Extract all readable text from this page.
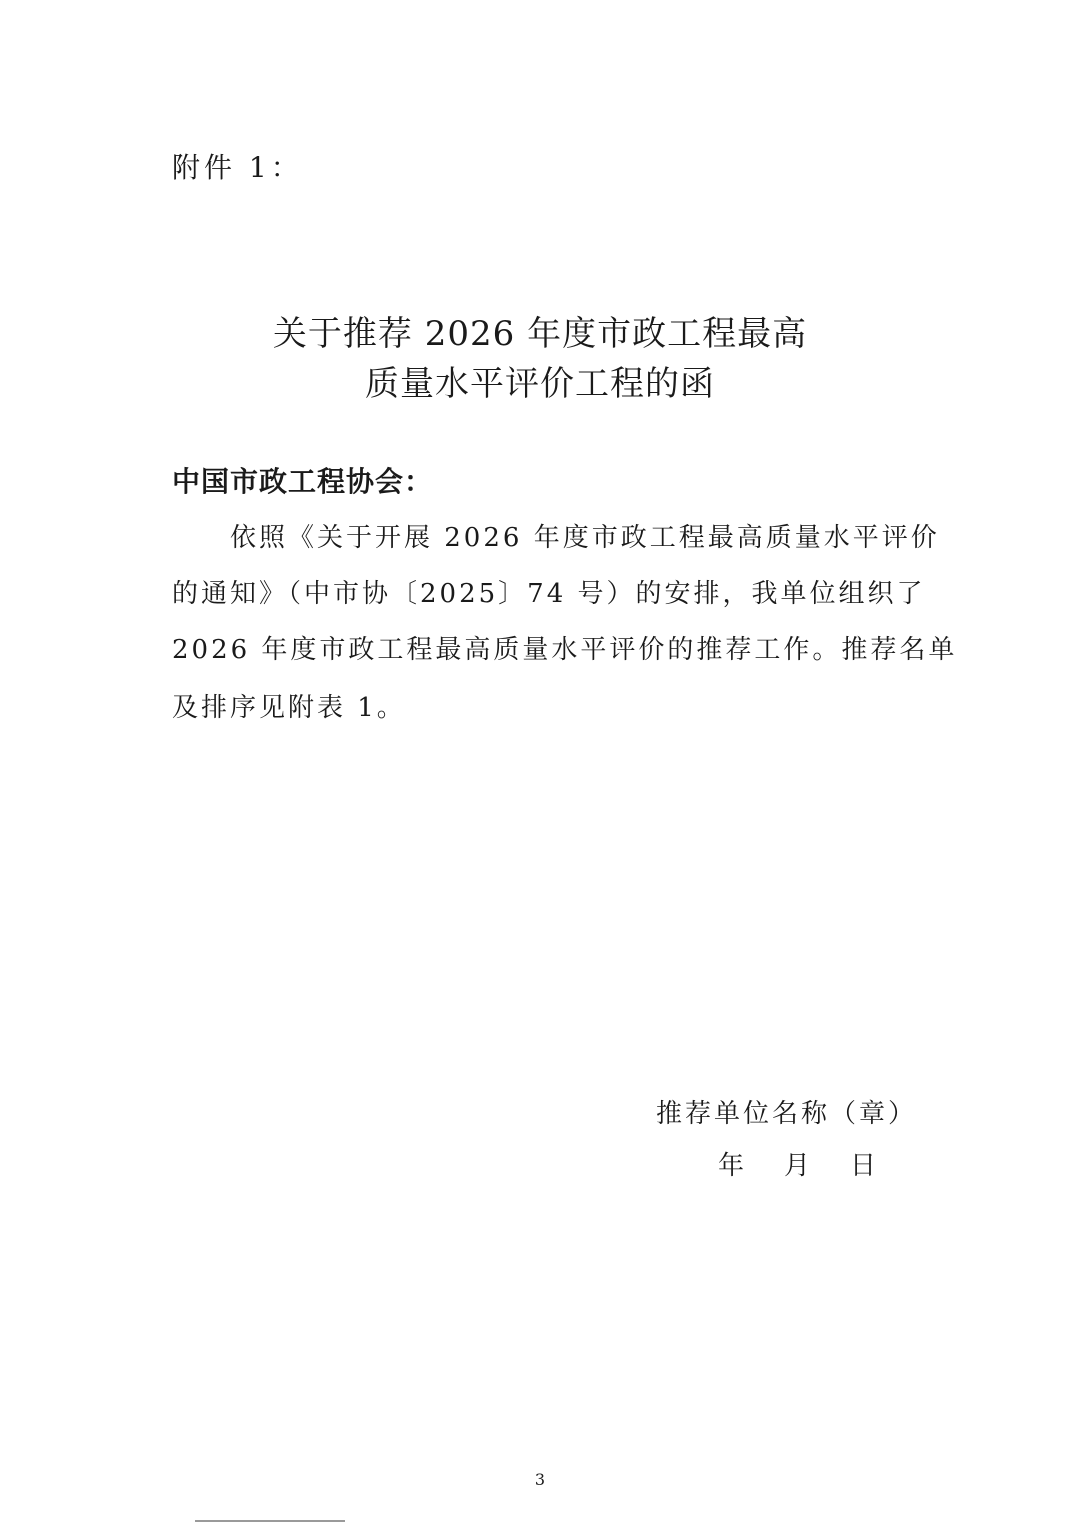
附件 1：
关于推荐 2026 年度市政工程最高
质量水平评价工程的函
中国市政工程协会：
依照《关于开展 2026 年度市政工程最高质量水平评价
的通知》（中市协〔2025〕74 号）的安排，我单位组织了
2026 年度市政工程最高质量水平评价的推荐工作。推荐名单
及排序见附表 1。
推荐单位名称（章）
年 月 日
3
